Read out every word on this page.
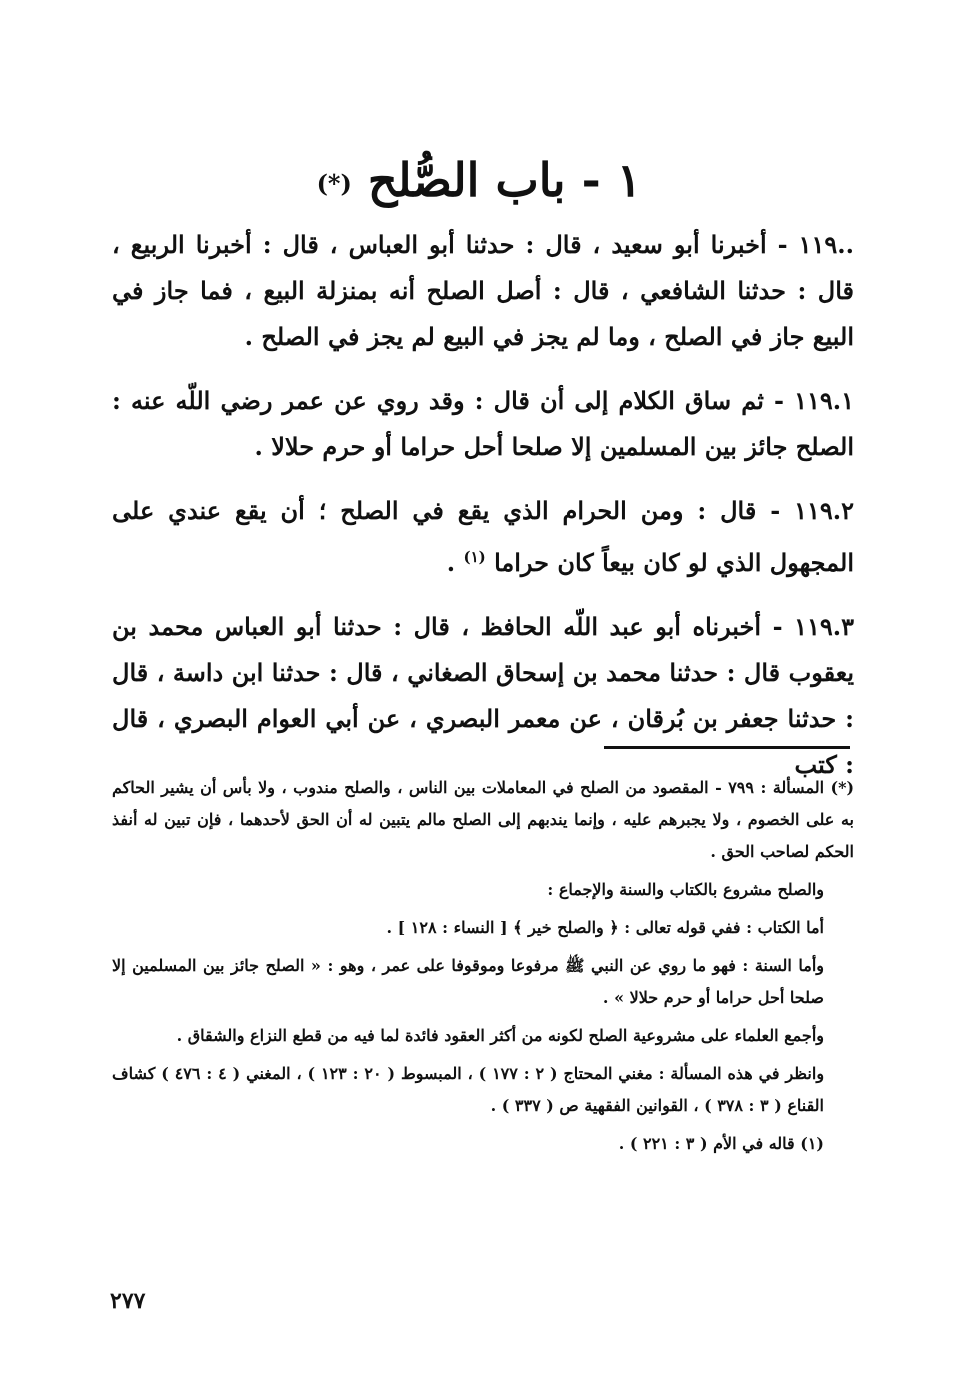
١ - باب الصُّلح (*)

..١١٩ - أخبرنا أبو سعيد ، قال : حدثنا أبو العباس ، قال : أخبرنا الربيع ، قال : حدثنا الشافعي ، قال : أصل الصلح أنه بمنزلة البيع ، فما جاز في البيع جاز في الصلح ، وما لم يجز في البيع لم يجز في الصلح .

١١٩.١ - ثم ساق الكلام إلى أن قال : وقد روي عن عمر رضي اللّه عنه : الصلح جائز بين المسلمين إلا صلحا أحل حراما أو حرم حلالا .

١١٩.٢ - قال : ومن الحرام الذي يقع في الصلح ؛ أن يقع عندي على المجهول الذي لو كان بيعاً كان حراما $^{(١)}$ .

١١٩.٣ - أخبرناه أبو عبد اللّه الحافظ ، قال : حدثنا أبو العباس محمد بن يعقوب قال : حدثنا محمد بن إسحاق الصغاني ، قال : حدثنا ابن داسة ، قال : حدثنا جعفر بن بُرقان ، عن معمر البصري ، عن أبي العوام البصري ، قال : كتب

(*) المسألة : ٧٩٩ - المقصود من الصلح في المعاملات بين الناس ، والصلح مندوب ، ولا بأس أن يشير الحاكم به على الخصوم ، ولا يجبرهم عليه ، وإنما يندبهم إلى الصلح مالم يتبين له أن الحق لأحدهما ، فإن تبين له أنفذ الحكم لصاحب الحق .

والصلح مشروع بالكتاب والسنة والإجماع :

أما الكتاب : ففي قوله تعالى : ﴿ والصلح خير ﴾ [ النساء : ١٢٨ ] .

وأما السنة : فهو ما روي عن النبي ﷺ مرفوعا وموقوفا على عمر ، وهو : « الصلح جائز بين المسلمين إلا صلحا أحل حراما أو حرم حلالا » .

وأجمع العلماء على مشروعية الصلح لكونه من أكثر العقود فائدة لما فيه من قطع النزاع والشقاق .

وانظر في هذه المسألة : مغني المحتاج ( ٢ : ١٧٧ ) ، المبسوط ( ٢٠ : ١٢٣ ) ، المغني ( ٤ : ٤٧٦ ) كشاف القناع ( ٣ : ٣٧٨ ) ، القوانين الفقهية ص ( ٣٣٧ ) .

(١) قاله في الأم ( ٣ : ٢٢١ ) .

٢٧٧
